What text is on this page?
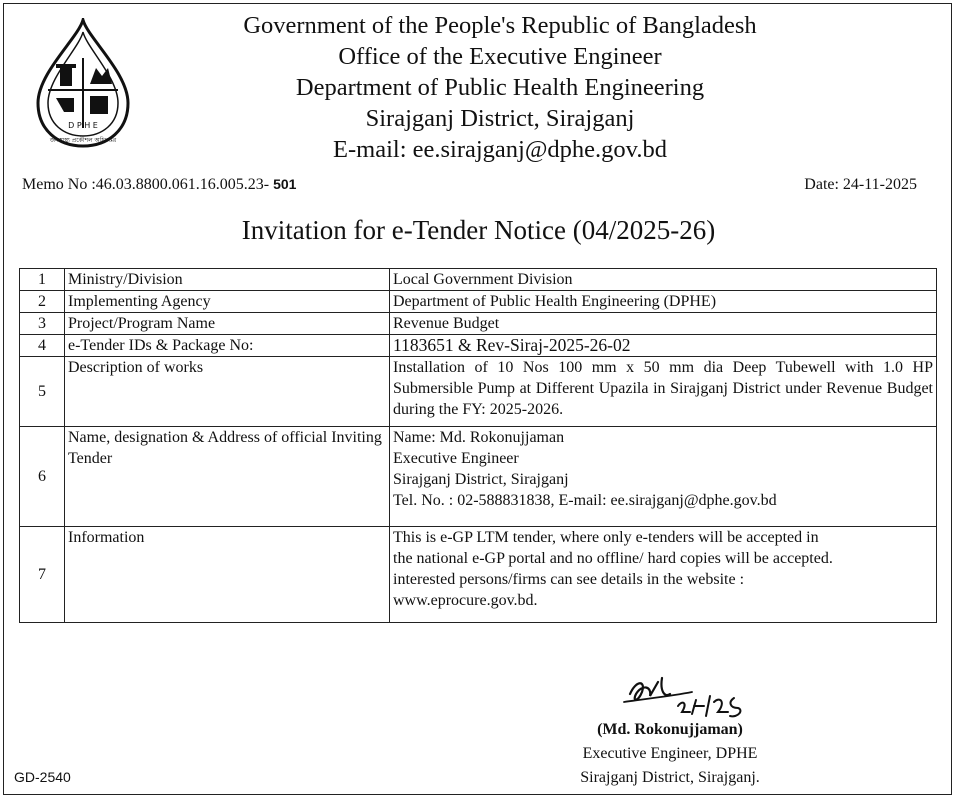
D P H E
জনস্বাস্থ্য প্রকৌশল অধিদপ্তর
Government of the People's Republic of Bangladesh
Office of the Executive Engineer
Department of Public Health Engineering
Sirajganj District, Sirajganj
E-mail: ee.sirajganj@dphe.gov.bd
Memo No :46.03.8800.061.16.005.23- 501	Date: 24-11-2025
Invitation for e-Tender Notice (04/2025-26)
1	Ministry/Division	Local Government Division
2	Implementing Agency	Department of Public Health Engineering (DPHE)
3	Project/Program Name	Revenue Budget
4	e-Tender IDs & Package No:	1183651 & Rev-Siraj-2025-26-02
5	Description of works	Installation of 10 Nos 100 mm x 50 mm dia Deep Tubewell with 1.0 HP Submersible Pump at Different Upazila in Sirajganj District under Revenue Budget during the FY: 2025-2026.
6	Name, designation & Address of official Inviting Tender	Name: Md. Rokonujjaman
Executive Engineer
Sirajganj District, Sirajganj
Tel. No. : 02-588831838, E-mail: ee.sirajganj@dphe.gov.bd

7	Information	This is e-GP LTM tender, where only e-tenders will be accepted in
the national e-GP portal and no offline/ hard copies will be accepted.
interested persons/firms can see details in the website :
www.eprocure.gov.bd.
(Md. Rokonujjaman)
Executive Engineer, DPHE
Sirajganj District, Sirajganj.
GD-2540
